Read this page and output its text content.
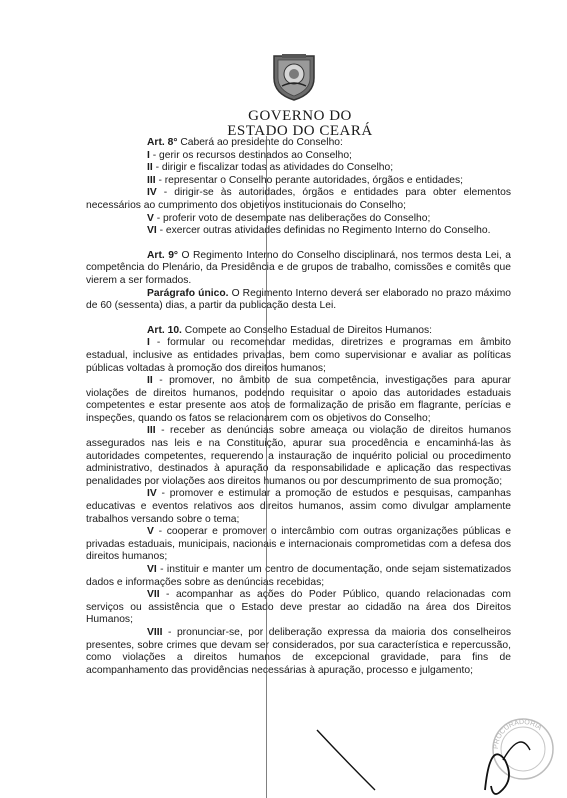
GOVERNO DO
ESTADO DO CEARÁ

Art. 8° Caberá ao presidente do Conselho:

I - gerir os recursos destinados ao Conselho;

II - dirigir e fiscalizar todas as atividades do Conselho;

III - representar o Conselho perante autoridades, órgãos e entidades;

IV - dirigir-se às autoridades, órgãos e entidades para obter elementos necessários ao cumprimento dos objetivos institucionais do Conselho;

V - proferir voto de desempate nas deliberações do Conselho;

VI - exercer outras atividades definidas no Regimento Interno do Conselho.

Art. 9° O Regimento Interno do Conselho disciplinará, nos termos desta Lei, a competência do Plenário, da Presidência e de grupos de trabalho, comissões e comitês que vierem a ser formados.

Parágrafo único. O Regimento Interno deverá ser elaborado no prazo máximo de 60 (sessenta) dias, a partir da publicação desta Lei.

Art. 10. Compete ao Conselho Estadual de Direitos Humanos:

I - formular ou recomendar medidas, diretrizes e programas em âmbito estadual, inclusive as entidades privadas, bem como supervisionar e avaliar as políticas públicas voltadas à promoção dos direitos humanos;

II - promover, no âmbito de sua competência, investigações para apurar violações de direitos humanos, podendo requisitar o apoio das autoridades estaduais competentes e estar presente aos atos de formalização de prisão em flagrante, perícias e inspeções, quando os fatos se relacionarem com os objetivos do Conselho;

III - receber as denúncias sobre ameaça ou violação de direitos humanos assegurados nas leis e na Constituição, apurar sua procedência e encaminhá-las às autoridades competentes, requerendo a instauração de inquérito policial ou procedimento administrativo, destinados à apuração da responsabilidade e aplicação das respectivas penalidades por violações aos direitos humanos ou por descumprimento de sua promoção;

IV - promover e estimular a promoção de estudos e pesquisas, campanhas educativas e eventos relativos aos direitos humanos, assim como divulgar amplamente trabalhos versando sobre o tema;

V - cooperar e promover o intercâmbio com outras organizações públicas e privadas estaduais, municipais, nacionais e internacionais comprometidas com a defesa dos direitos humanos;

VI - instituir e manter um centro de documentação, onde sejam sistematizados dados e informações sobre as denúncias recebidas;

VII - acompanhar as ações do Poder Público, quando relacionadas com serviços ou assistência que o Estado deve prestar ao cidadão na área dos Direitos Humanos;

VIII - pronunciar-se, por deliberação expressa da maioria dos conselheiros presentes, sobre crimes que devam ser considerados, por sua característica e repercussão, como violações a direitos humanos de excepcional gravidade, para fins de acompanhamento das providências necessárias à apuração, processo e julgamento;

PROCURADORIA
